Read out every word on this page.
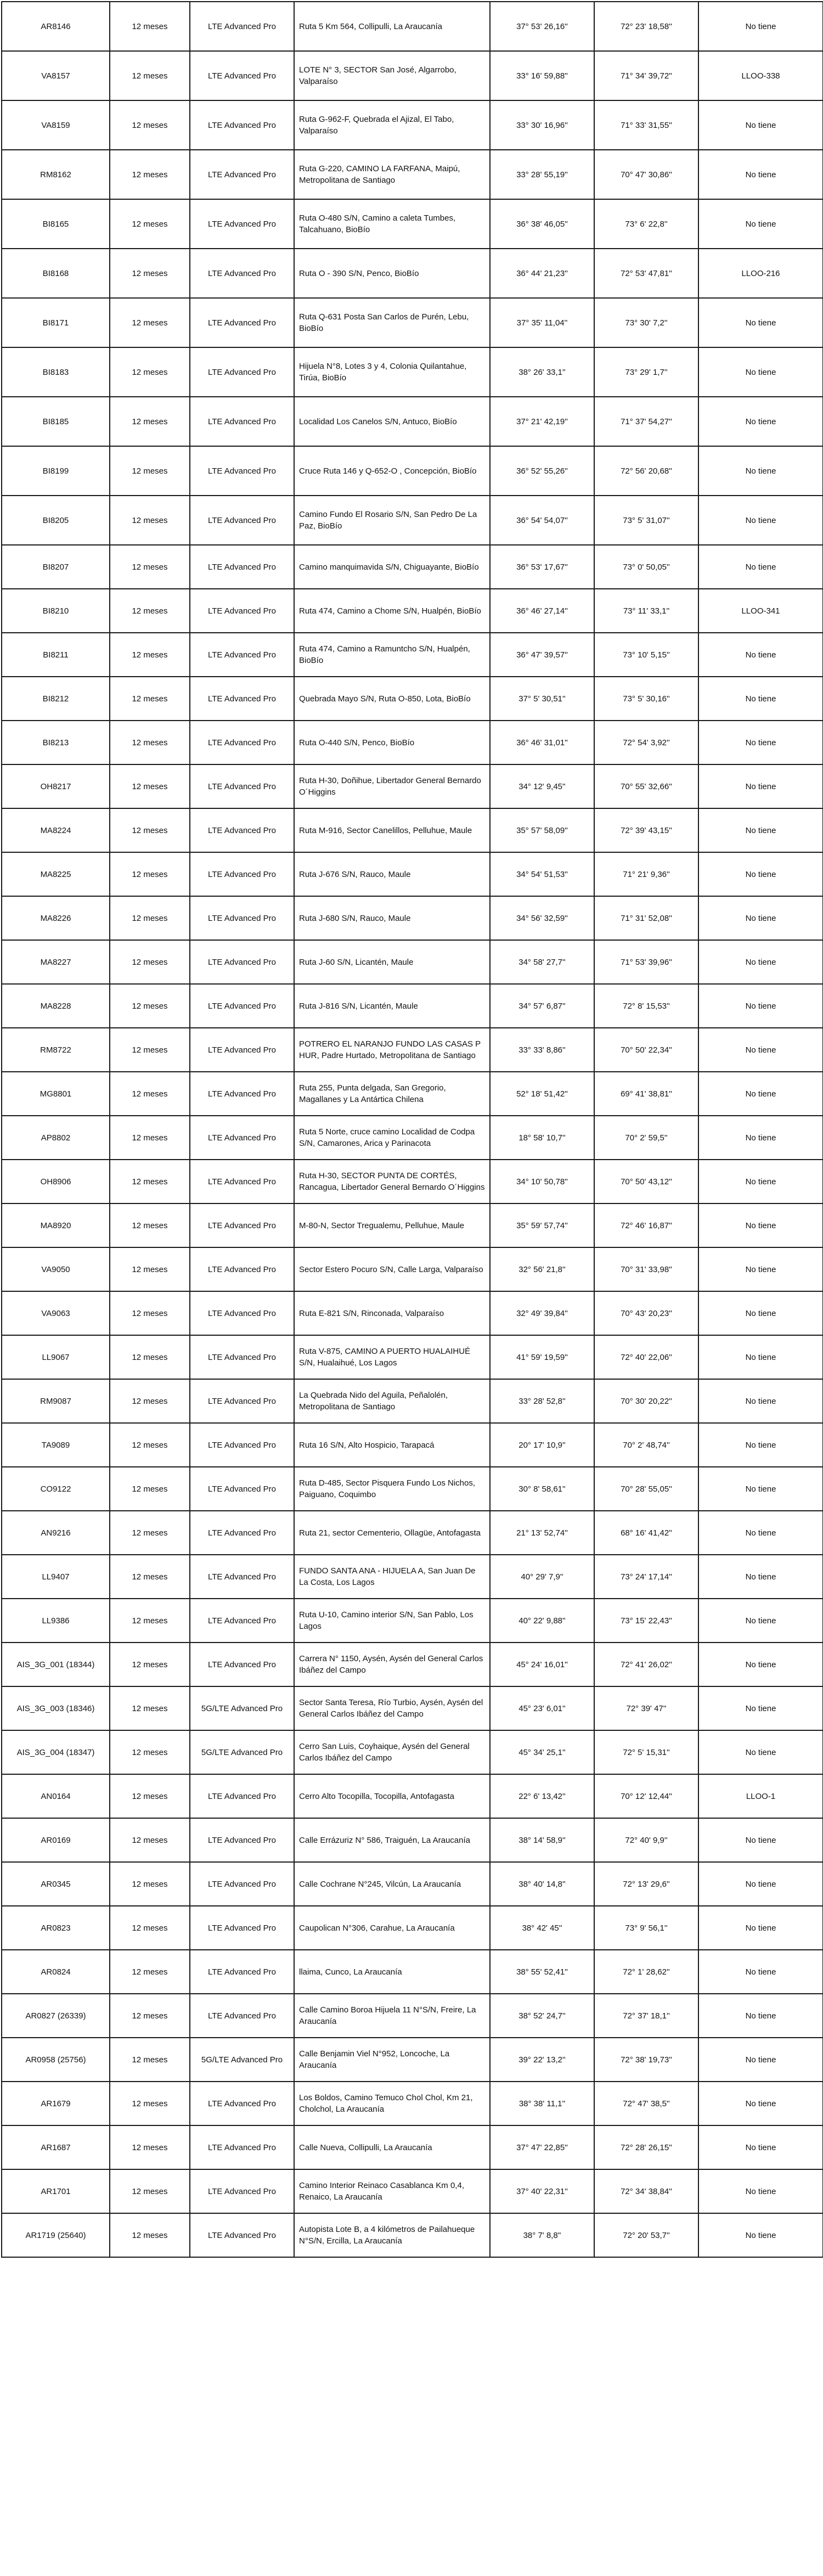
AR8146	12 meses	LTE Advanced Pro	Ruta 5 Km 564, Collipulli, La Araucanía	37° 53' 26,16''	72° 23' 18,58''	No tiene
VA8157	12 meses	LTE Advanced Pro	LOTE N° 3, SECTOR San José, Algarrobo, Valparaíso	33° 16' 59,88''	71° 34' 39,72''	LLOO-338
VA8159	12 meses	LTE Advanced Pro	Ruta G-962-F, Quebrada el Ajizal, El Tabo, Valparaíso	33° 30' 16,96''	71° 33' 31,55''	No tiene
RM8162	12 meses	LTE Advanced Pro	Ruta G-220, CAMINO LA FARFANA, Maipú, Metropolitana de Santiago	33° 28' 55,19''	70° 47' 30,86''	No tiene
BI8165	12 meses	LTE Advanced Pro	Ruta O-480 S/N, Camino a caleta Tumbes, Talcahuano, BioBío	36° 38' 46,05''	73° 6' 22,8''	No tiene
BI8168	12 meses	LTE Advanced Pro	Ruta O - 390 S/N, Penco, BioBío	36° 44' 21,23''	72° 53' 47,81''	LLOO-216
BI8171	12 meses	LTE Advanced Pro	Ruta Q-631 Posta San Carlos de Purén, Lebu, BioBío	37° 35' 11,04''	73° 30' 7,2''	No tiene
BI8183	12 meses	LTE Advanced Pro	Hijuela N°8, Lotes 3 y 4, Colonia Quilantahue, Tirúa, BioBío	38° 26' 33,1''	73° 29' 1,7''	No tiene
BI8185	12 meses	LTE Advanced Pro	Localidad Los Canelos S/N, Antuco, BioBío	37° 21' 42,19''	71° 37' 54,27''	No tiene
BI8199	12 meses	LTE Advanced Pro	Cruce Ruta 146 y Q-652-O , Concepción, BioBío	36° 52' 55,26''	72° 56' 20,68''	No tiene
BI8205	12 meses	LTE Advanced Pro	Camino Fundo El Rosario S/N, San Pedro De La Paz, BioBío	36° 54' 54,07''	73° 5' 31,07''	No tiene
BI8207	12 meses	LTE Advanced Pro	Camino manquimavida S/N, Chiguayante, BioBío	36° 53' 17,67''	73° 0' 50,05''	No tiene
BI8210	12 meses	LTE Advanced Pro	Ruta 474, Camino a Chome S/N, Hualpén, BioBío	36° 46' 27,14''	73° 11' 33,1''	LLOO-341
BI8211	12 meses	LTE Advanced Pro	Ruta 474, Camino a Ramuntcho S/N, Hualpén, BioBío	36° 47' 39,57''	73° 10' 5,15''	No tiene
BI8212	12 meses	LTE Advanced Pro	Quebrada Mayo S/N, Ruta O-850, Lota, BioBío	37° 5' 30,51''	73° 5' 30,16''	No tiene
BI8213	12 meses	LTE Advanced Pro	Ruta O-440 S/N, Penco, BioBío	36° 46' 31,01''	72° 54' 3,92''	No tiene
OH8217	12 meses	LTE Advanced Pro	Ruta H-30, Doñihue, Libertador General Bernardo O´Higgins	34° 12' 9,45''	70° 55' 32,66''	No tiene
MA8224	12 meses	LTE Advanced Pro	Ruta M-916, Sector Canelillos, Pelluhue, Maule	35° 57' 58,09''	72° 39' 43,15''	No tiene
MA8225	12 meses	LTE Advanced Pro	Ruta J-676 S/N, Rauco, Maule	34° 54' 51,53''	71° 21' 9,36''	No tiene
MA8226	12 meses	LTE Advanced Pro	Ruta J-680 S/N, Rauco, Maule	34° 56' 32,59''	71° 31' 52,08''	No tiene
MA8227	12 meses	LTE Advanced Pro	Ruta J-60 S/N, Licantén, Maule	34° 58' 27,7''	71° 53' 39,96''	No tiene
MA8228	12 meses	LTE Advanced Pro	Ruta J-816 S/N, Licantén, Maule	34° 57' 6,87''	72° 8' 15,53''	No tiene
RM8722	12 meses	LTE Advanced Pro	POTRERO EL NARANJO FUNDO LAS CASAS P HUR, Padre Hurtado, Metropolitana de Santiago	33° 33' 8,86''	70° 50' 22,34''	No tiene
MG8801	12 meses	LTE Advanced Pro	Ruta 255, Punta delgada, San Gregorio, Magallanes y La Antártica Chilena	52° 18' 51,42''	69° 41' 38,81''	No tiene
AP8802	12 meses	LTE Advanced Pro	Ruta 5 Norte, cruce camino Localidad de Codpa S/N, Camarones, Arica y Parinacota	18° 58' 10,7''	70° 2' 59,5''	No tiene
OH8906	12 meses	LTE Advanced Pro	Ruta H-30, SECTOR PUNTA DE CORTÉS, Rancagua, Libertador General Bernardo O´Higgins	34° 10' 50,78''	70° 50' 43,12''	No tiene
MA8920	12 meses	LTE Advanced Pro	M-80-N, Sector Tregualemu, Pelluhue, Maule	35° 59' 57,74''	72° 46' 16,87''	No tiene
VA9050	12 meses	LTE Advanced Pro	Sector Estero Pocuro S/N, Calle Larga, Valparaíso	32° 56' 21,8''	70° 31' 33,98''	No tiene
VA9063	12 meses	LTE Advanced Pro	Ruta E-821 S/N, Rinconada, Valparaíso	32° 49' 39,84''	70° 43' 20,23''	No tiene
LL9067	12 meses	LTE Advanced Pro	Ruta V-875, CAMINO A PUERTO HUALAIHUÉ S/N, Hualaihué, Los Lagos	41° 59' 19,59''	72° 40' 22,06''	No tiene
RM9087	12 meses	LTE Advanced Pro	La Quebrada Nido del Aguila, Peñalolén, Metropolitana de Santiago	33° 28' 52,8''	70° 30' 20,22''	No tiene
TA9089	12 meses	LTE Advanced Pro	Ruta 16 S/N, Alto Hospicio, Tarapacá	20° 17' 10,9''	70° 2' 48,74''	No tiene
CO9122	12 meses	LTE Advanced Pro	Ruta D-485, Sector Pisquera Fundo Los Nichos, Paiguano, Coquimbo	30° 8' 58,61''	70° 28' 55,05''	No tiene
AN9216	12 meses	LTE Advanced Pro	Ruta 21, sector Cementerio, Ollagüe, Antofagasta	21° 13' 52,74''	68° 16' 41,42''	No tiene
LL9407	12 meses	LTE Advanced Pro	FUNDO SANTA ANA - HIJUELA A, San Juan De La Costa, Los Lagos	40° 29' 7,9''	73° 24' 17,14''	No tiene
LL9386	12 meses	LTE Advanced Pro	Ruta U-10, Camino interior S/N, San Pablo, Los Lagos	40° 22' 9,88''	73° 15' 22,43''	No tiene
AIS_3G_001 (18344)	12 meses	LTE Advanced Pro	Carrera N° 1150, Aysén, Aysén del General Carlos Ibáñez del Campo	45° 24' 16,01''	72° 41' 26,02''	No tiene
AIS_3G_003 (18346)	12 meses	5G/LTE Advanced Pro	Sector Santa Teresa, Río Turbio, Aysén, Aysén del General Carlos Ibáñez del Campo	45° 23' 6,01''	72° 39' 47''	No tiene
AIS_3G_004 (18347)	12 meses	5G/LTE Advanced Pro	Cerro San Luis, Coyhaique, Aysén del General Carlos Ibáñez del Campo	45° 34' 25,1''	72° 5' 15,31''	No tiene
AN0164	12 meses	LTE Advanced Pro	Cerro Alto Tocopilla, Tocopilla, Antofagasta	22° 6' 13,42''	70° 12' 12,44''	LLOO-1
AR0169	12 meses	LTE Advanced Pro	Calle Errázuriz N° 586, Traiguén, La Araucanía	38° 14' 58,9''	72° 40' 9,9''	No tiene
AR0345	12 meses	LTE Advanced Pro	Calle Cochrane N°245, Vilcún, La Araucanía	38° 40' 14,8''	72° 13' 29,6''	No tiene
AR0823	12 meses	LTE Advanced Pro	Caupolican N°306, Carahue, La Araucanía	38° 42' 45''	73° 9' 56,1''	No tiene
AR0824	12 meses	LTE Advanced Pro	llaima, Cunco, La Araucanía	38° 55' 52,41''	72° 1' 28,62''	No tiene
AR0827 (26339)	12 meses	LTE Advanced Pro	Calle Camino Boroa Hijuela 11 N°S/N, Freire, La Araucanía	38° 52' 24,7''	72° 37' 18,1''	No tiene
AR0958 (25756)	12 meses	5G/LTE Advanced Pro	Calle Benjamin Viel N°952, Loncoche, La Araucanía	39° 22' 13,2''	72° 38' 19,73''	No tiene
AR1679	12 meses	LTE Advanced Pro	Los Boldos, Camino Temuco Chol Chol, Km 21, Cholchol, La Araucanía	38° 38' 11,1''	72° 47' 38,5''	No tiene
AR1687	12 meses	LTE Advanced Pro	Calle Nueva, Collipulli, La Araucanía	37° 47' 22,85''	72° 28' 26,15''	No tiene
AR1701	12 meses	LTE Advanced Pro	Camino Interior Reinaco Casablanca Km 0,4, Renaico, La Araucanía	37° 40' 22,31''	72° 34' 38,84''	No tiene
AR1719 (25640)	12 meses	LTE Advanced Pro	Autopista Lote B, a 4 kilómetros de Pailahueque N°S/N, Ercilla, La Araucanía	38° 7' 8,8''	72° 20' 53,7''	No tiene
